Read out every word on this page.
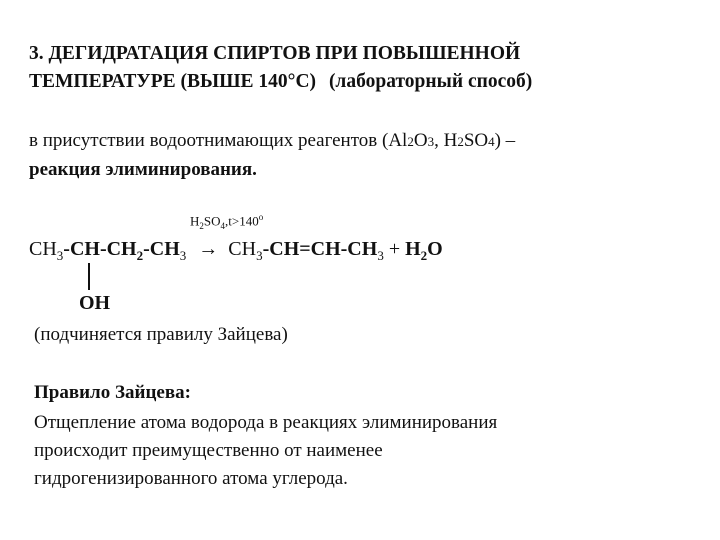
3. ДЕГИДРАТАЦИЯ СПИРТОВ ПРИ ПОВЫШЕННОЙ
ТЕМПЕРАТУРЕ (ВЫШЕ 140°С) (лабораторный способ)
в присутствии водоотнимающих реагентов (Al2O3, H2SO4) –
реакция элиминирования.
$H_2SO_4,t>140^o$
$CH_3-CH-CH_2-CH_3 \to CH_3-CH=CH-CH_3 + H_2O$
OH
(подчиняется правилу Зайцева)
Правило Зайцева:
Отщепление атома водорода в реакциях элиминирования
происходит преимущественно от наименее
гидрогенизированного атома углерода.
